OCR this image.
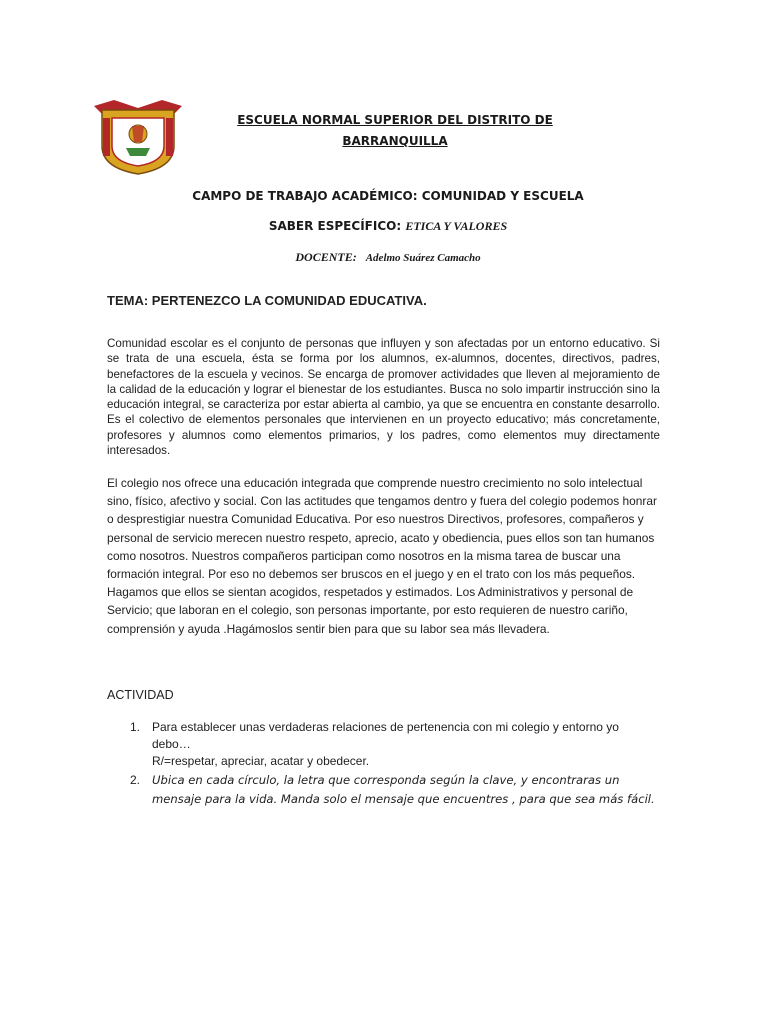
ESCUELA NORMAL SUPERIOR DEL DISTRITO DE
BARRANQUILLA
CAMPO DE TRABAJO ACADÉMICO: COMUNIDAD Y ESCUELA
SABER ESPECÍFICO: ETICA Y VALORES
DOCENTE: Adelmo Suárez Camacho
TEMA: PERTENEZCO LA COMUNIDAD EDUCATIVA.
Comunidad escolar es el conjunto de personas que influyen y son afectadas por un entorno educativo. Si se trata de una escuela, ésta se forma por los alumnos, ex-alumnos, docentes, directivos, padres, benefactores de la escuela y vecinos. Se encarga de promover actividades que lleven al mejoramiento de la calidad de la educación y lograr el bienestar de los estudiantes. Busca no solo impartir instrucción sino la educación integral, se caracteriza por estar abierta al cambio, ya que se encuentra en constante desarrollo. Es el colectivo de elementos personales que intervienen en un proyecto educativo; más concretamente, profesores y alumnos como elementos primarios, y los padres, como elementos muy directamente interesados.
El colegio nos ofrece una educación integrada que comprende nuestro crecimiento no solo intelectual sino, físico, afectivo y social. Con las actitudes que tengamos dentro y fuera del colegio podemos honrar o desprestigiar nuestra Comunidad Educativa. Por eso nuestros Directivos, profesores, compañeros y personal de servicio merecen nuestro respeto, aprecio, acato y obediencia, pues ellos son tan humanos como nosotros. Nuestros compañeros participan como nosotros en la misma tarea de buscar una formación integral. Por eso no debemos ser bruscos en el juego y en el trato con los más pequeños. Hagamos que ellos se sientan acogidos, respetados y estimados. Los Administrativos y personal de Servicio; que laboran en el colegio, son personas importante, por esto requieren de nuestro cariño, comprensión y ayuda .Hagámoslos sentir bien para que su labor sea más llevadera.
ACTIVIDAD
1. Para establecer unas verdaderas relaciones de pertenencia con mi colegio y entorno yo debo…
R/=respetar, apreciar, acatar y obedecer.
2. Ubica en cada círculo, la letra que corresponda según la clave, y encontraras un mensaje para la vida. Manda solo el mensaje que encuentres , para que sea más fácil.
